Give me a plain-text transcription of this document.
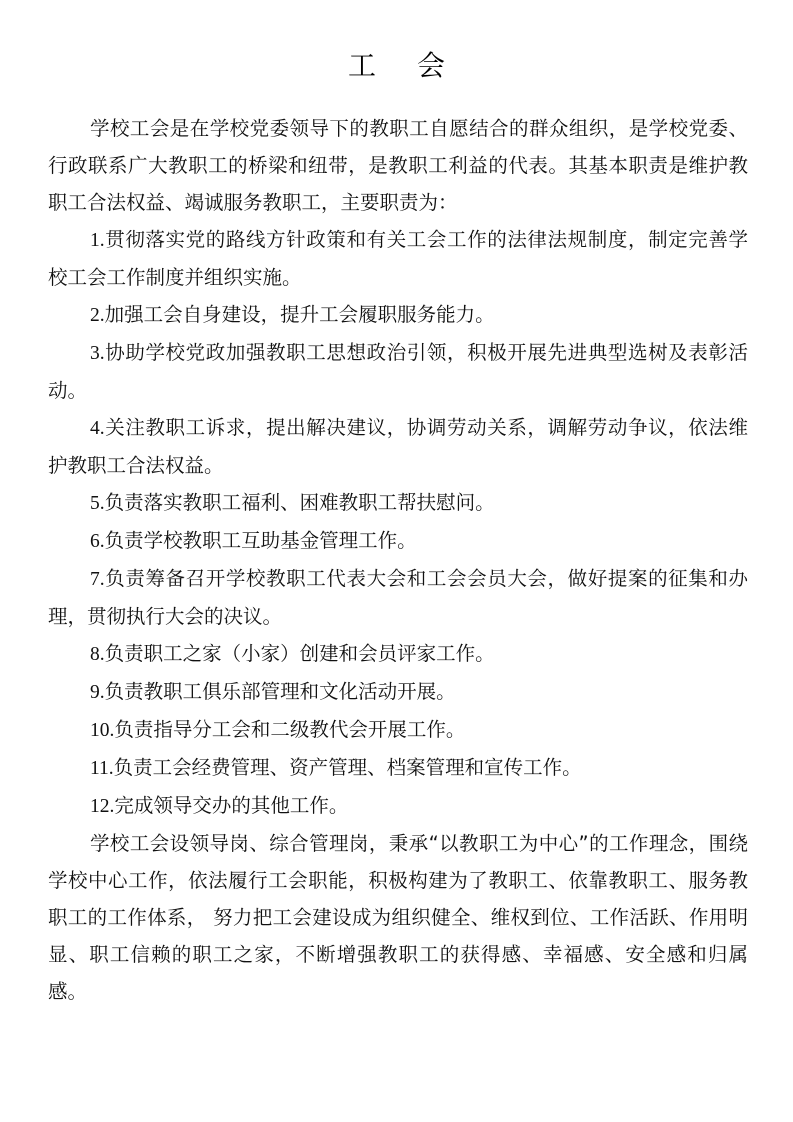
工 会

学校工会是在学校党委领导下的教职工自愿结合的群众组织，是学校党委、行政联系广大教职工的桥梁和纽带，是教职工利益的代表。其基本职责是维护教职工合法权益、竭诚服务教职工，主要职责为：

1.贯彻落实党的路线方针政策和有关工会工作的法律法规制度，制定完善学校工会工作制度并组织实施。

2.加强工会自身建设，提升工会履职服务能力。

3.协助学校党政加强教职工思想政治引领，积极开展先进典型选树及表彰活动。

4.关注教职工诉求，提出解决建议，协调劳动关系，调解劳动争议，依法维护教职工合法权益。

5.负责落实教职工福利、困难教职工帮扶慰问。

6.负责学校教职工互助基金管理工作。

7.负责筹备召开学校教职工代表大会和工会会员大会，做好提案的征集和办理，贯彻执行大会的决议。

8.负责职工之家（小家）创建和会员评家工作。

9.负责教职工俱乐部管理和文化活动开展。

10.负责指导分工会和二级教代会开展工作。

11.负责工会经费管理、资产管理、档案管理和宣传工作。

12.完成领导交办的其他工作。

学校工会设领导岗、综合管理岗，秉承“以教职工为中心”的工作理念，围绕学校中心工作，依法履行工会职能，积极构建为了教职工、依靠教职工、服务教职工的工作体系， 努力把工会建设成为组织健全、维权到位、工作活跃、作用明显、职工信赖的职工之家，不断增强教职工的获得感、幸福感、安全感和归属感。
